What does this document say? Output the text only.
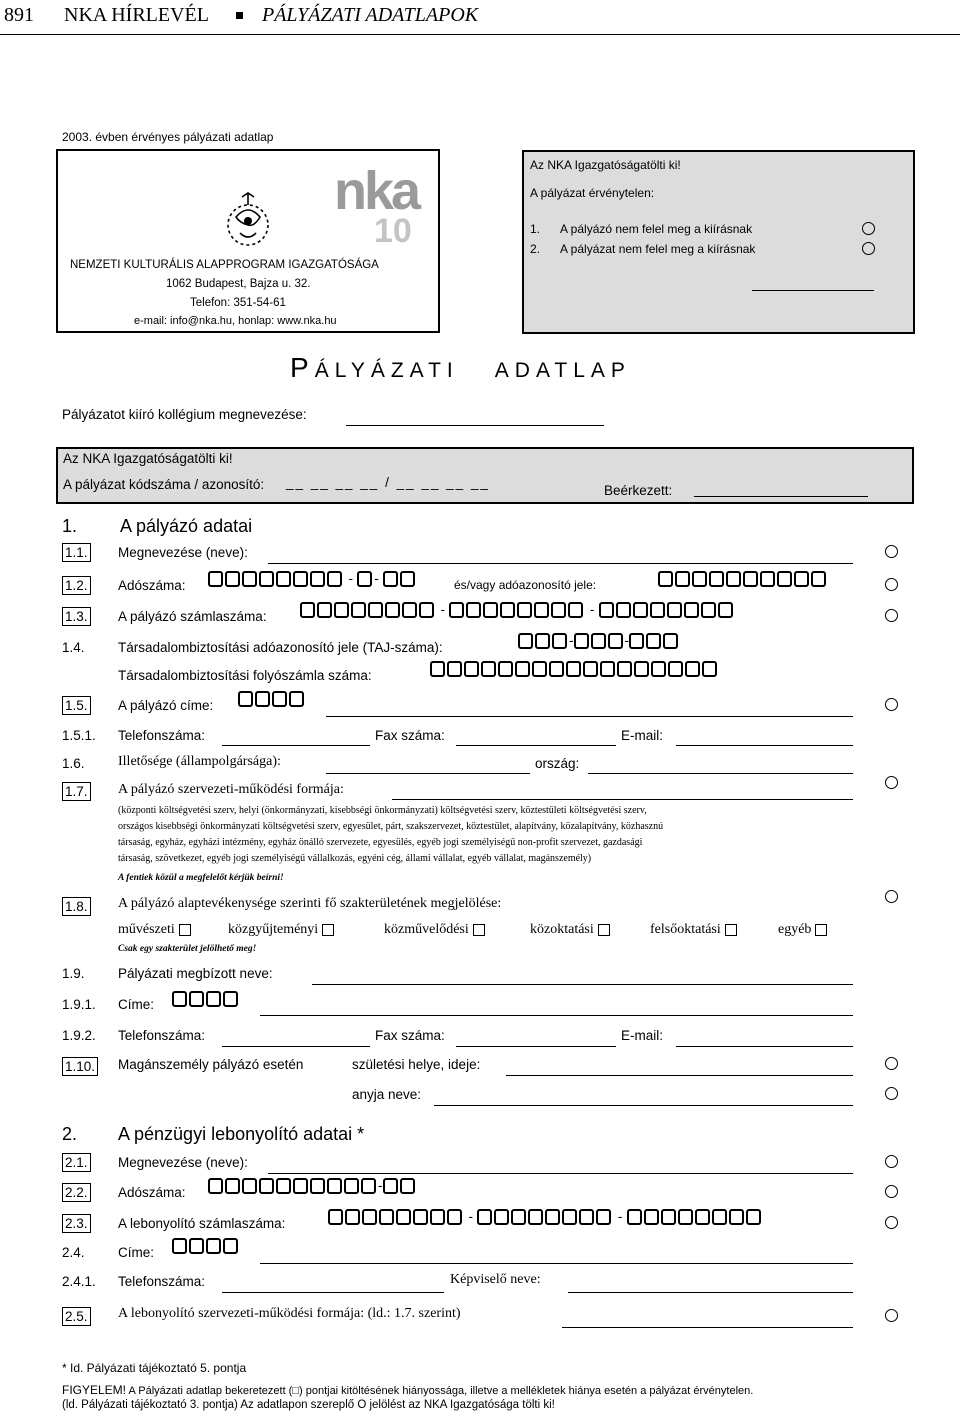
891 NKA HÍRLEVÉL	PÁLYÁZATI ADATLAPOK
2003. évben érvényes pályázati adatlap
nka
10
NEMZETI KULTURÁLIS ALAPPROGRAM IGAZGATÓSÁGA
1062 Budapest, Bajza u. 32.
Telefon: 351-54-61
e-mail: info@nka.hu, honlap: www.nka.hu
Az NKA Igazgatóságatölti ki!
A pályázat érvénytelen:
1. A pályázó nem felel meg a kiírásnak
2. A pályázat nem felel meg a kiírásnak
PÁLYÁZATI ADATLAP
Pályázatot kiíró kollégium megnevezése:
Az NKA Igazgatóságatölti ki!
A pályázat kódszáma / azonosító: __ __ __ __ / __ __ __ __
Beérkezett:
1. A pályázó adatai
1.1. Megnevezése (neve):
1.2. Adószáma:	- -	és/vagy adóazonosító jele:
1.3. A pályázó számlaszáma:	-	-
1.4. Társadalombiztosítási adóazonosító jele (TAJ-száma):	-	-
Társadalombiztosítási folyószámla száma:
1.5. A pályázó címe:
1.5.1. Telefonszáma:	Fax száma:	E-mail:
1.6. Illetősége (állampolgársága):	ország:
1.7. A pályázó szervezeti-működési formája:
(központi költségvetési szerv, helyi (önkormányzati, kisebbségi önkormányzati) költségvetési szerv, köztestületi költségvetési szerv,
országos kisebbségi önkormányzati költségvetési szerv, egyesület, párt, szakszervezet, köztestület, alapítvány, közalapítvány, közhasznú
társaság, egyház, egyházi intézmény, egyház önálló szervezete, egyesülés, egyéb jogi személyiségű non-profit szervezet, gazdasági
társaság, szövetkezet, egyéb jogi személyiségű vállalkozás, egyéni cég, állami vállalat, egyéb vállalat, magánszemély)
A fentiek közül a megfelelőt kérjük beírni!
1.8. A pályázó alaptevékenysége szerinti fő szakterületének megjelölése:
művészeti	közgyűjteményi	közművelődési	közoktatási	felsőoktatási	egyéb
Csak egy szakterület jelölhető meg!
1.9. Pályázati megbízott neve:
1.9.1. Címe:
1.9.2. Telefonszáma:	Fax száma:	E-mail:
1.10. Magánszemély pályázó esetén	születési helye, ideje:
anyja neve:
2. A pénzügyi lebonyolító adatai *
2.1. Megnevezése (neve):
2.2. Adószáma:	-
2.3. A lebonyolító számlaszáma:	-	-
2.4. Címe:
2.4.1. Telefonszáma:	Képviselő neve:
2.5. A lebonyolító szervezeti-működési formája: (ld.: 1.7. szerint)
* Id. Pályázati tájékoztató 5. pontja
FIGYELEM! A Pályázati adatlap bekeretezett (□) pontjai kitöltésének hiányossága, illetve a mellékletek hiánya esetén a pályázat érvénytelen.
(ld. Pályázati tájékoztató 3. pontja) Az adatlapon szereplő O jelölést az NKA Igazgatósága tölti ki!
